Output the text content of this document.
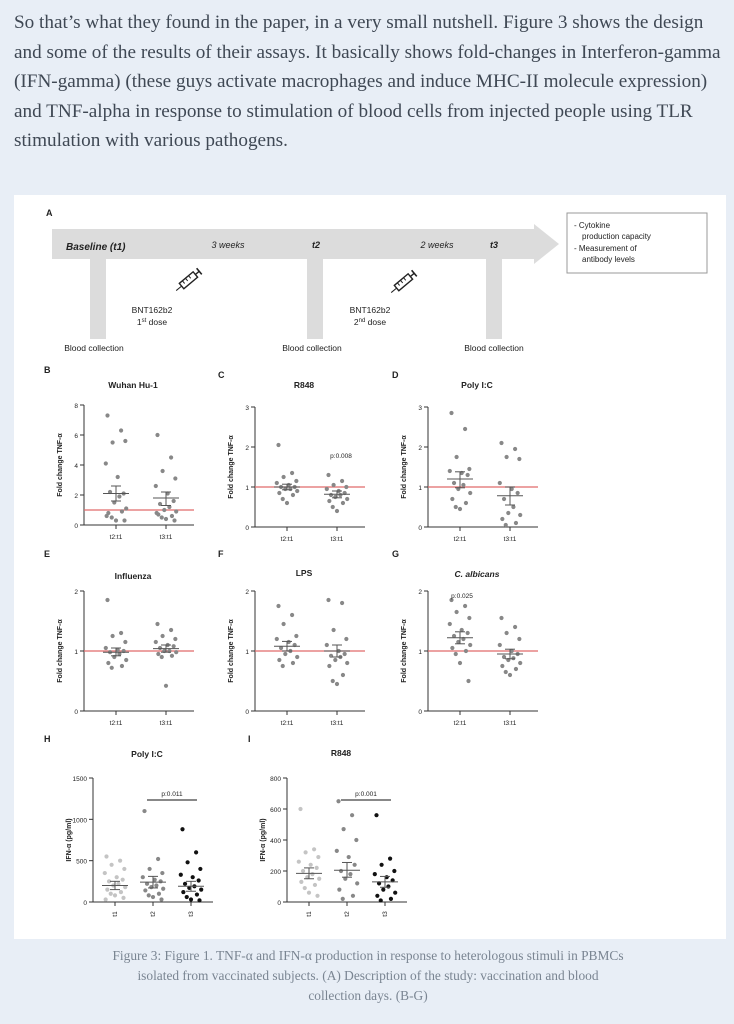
So that’s what they found in the paper, in a very small nutshell. Figure 3 shows the design and some of the results of their assays. It basically shows fold-changes in Interferon-gamma (IFN-gamma) (these guys activate macrophages and induce MHC-II molecule expression) and TNF-alpha in response to stimulation of blood cells from injected people using TLR stimulation with various pathogens.

A
Baseline (t1)	3 weeks	t2	2 weeks	t3
BNT162b2
1st dose
BNT162b2
2nd dose
Blood collection	Blood collection	Blood collection
- Cytokine
production capacity
- Measurement of
antibody levels
B
Wuhan Hu-1
0
2
4
6
8
Fold change TNF-α
t2:t1	t3:t1
C
R848
0
1
2
3
Fold change TNF-α
t2:t1	t3:t1
p:0.008
D
Poly I:C
0
1
2
3
Fold change TNF-α
t2:t1	t3:t1
E
Influenza
0
1
2
Fold change TNF-α
t2:t1	t3:t1
F
LPS
0
1
2
Fold change TNF-α
t2:t1	t3:t1
G
C. albicans
0
1
2
Fold change TNF-α
t2:t1	t3:t1
p:0.025
H
Poly I:C
0
500
1000
1500
IFN-α (pg/ml)
t1	t2	t3
p:0.011
I
R848
0
200
400
600
800
IFN-α (pg/ml)
t1	t2	t3
p:0.001

Figure 3: Figure 1. TNF-α and IFN-α production in response to heterologous stimuli in PBMCs isolated from vaccinated subjects. (A) Description of the study: vaccination and blood collection days. (B-G)
